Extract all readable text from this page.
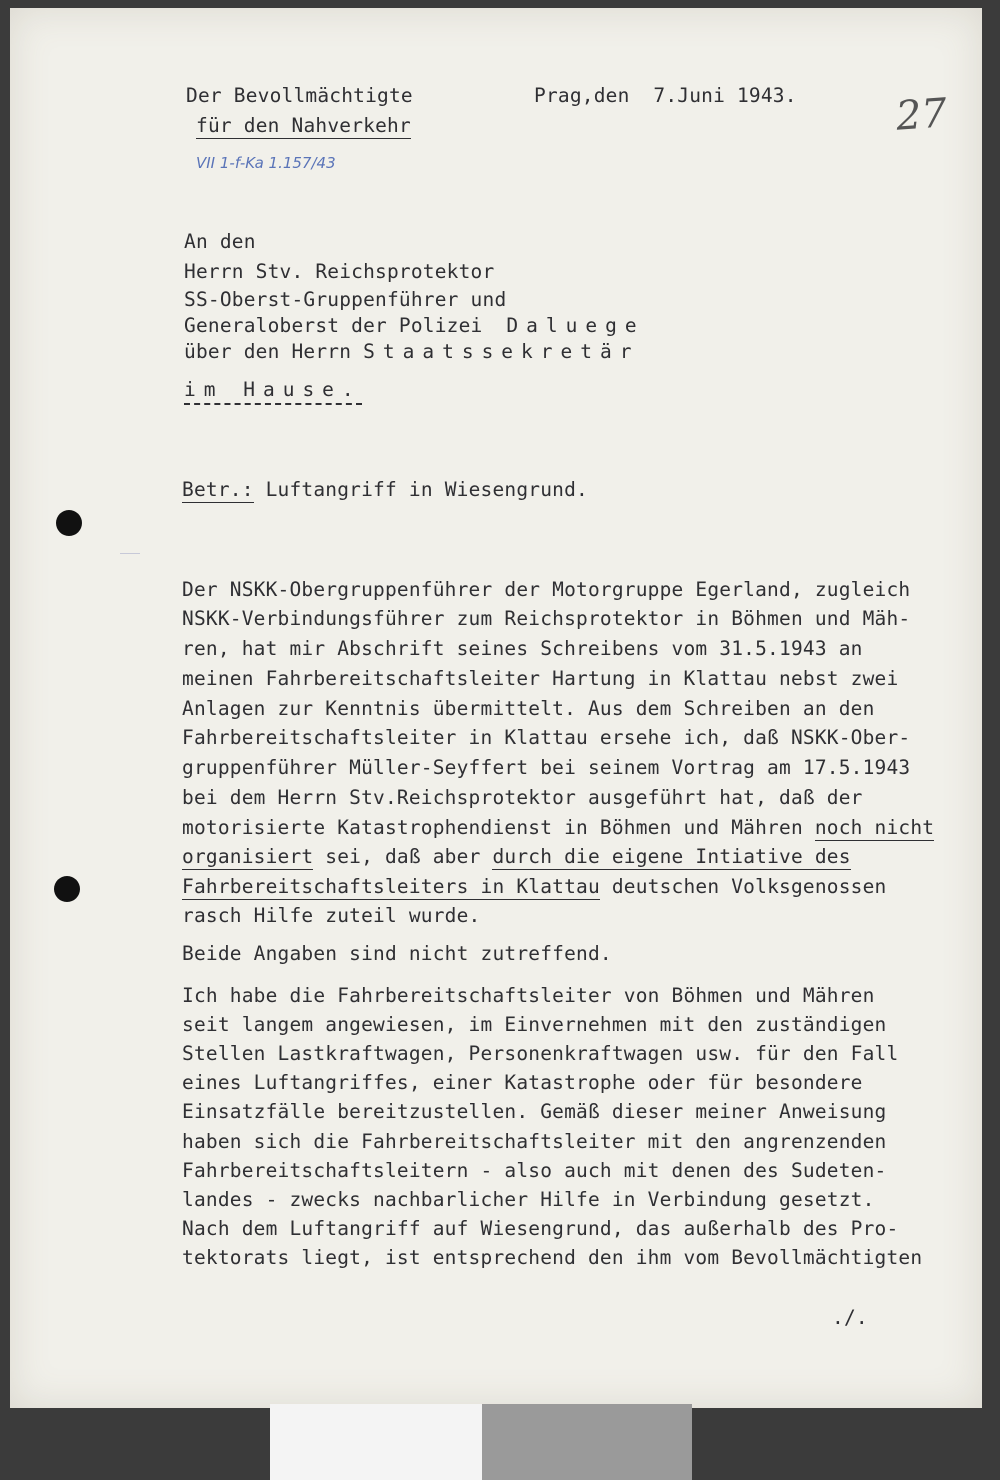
Der Bevollmächtigte
für den Nahverkehr
VII 1-f-Ka 1.157/43
Prag,den  7.Juni 1943. 27
An den
Herrn Stv. Reichsprotektor
SS-Oberst-Gruppenführer und
Generaloberst der Polizei Daluege
über den Herrn Staatssekretär
im Hause.
Betr.: Luftangriff in Wiesengrund.
Der NSKK-Obergruppenführer der Motorgruppe Egerland, zugleich
NSKK-Verbindungsführer zum Reichsprotektor in Böhmen und Mäh-
ren, hat mir Abschrift seines Schreibens vom 31.5.1943 an
meinen Fahrbereitschaftsleiter Hartung in Klattau nebst zwei
Anlagen zur Kenntnis übermittelt. Aus dem Schreiben an den
Fahrbereitschaftsleiter in Klattau ersehe ich, daß NSKK-Ober-
gruppenführer Müller-Seyffert bei seinem Vortrag am 17.5.1943
bei dem Herrn Stv.Reichsprotektor ausgeführt hat, daß der
motorisierte Katastrophendienst in Böhmen und Mähren noch nicht
organisiert sei, daß aber durch die eigene Intiative des
Fahrbereitschaftsleiters in Klattau deutschen Volksgenossen
rasch Hilfe zuteil wurde.
Beide Angaben sind nicht zutreffend.
Ich habe die Fahrbereitschaftsleiter von Böhmen und Mähren
seit langem angewiesen, im Einvernehmen mit den zuständigen
Stellen Lastkraftwagen, Personenkraftwagen usw. für den Fall
eines Luftangriffes, einer Katastrophe oder für besondere
Einsatzfälle bereitzustellen. Gemäß dieser meiner Anweisung
haben sich die Fahrbereitschaftsleiter mit den angrenzenden
Fahrbereitschaftsleitern - also auch mit denen des Sudeten-
landes - zwecks nachbarlicher Hilfe in Verbindung gesetzt.
Nach dem Luftangriff auf Wiesengrund, das außerhalb des Pro-
tektorats liegt, ist entsprechend den ihm vom Bevollmächtigten
./.
